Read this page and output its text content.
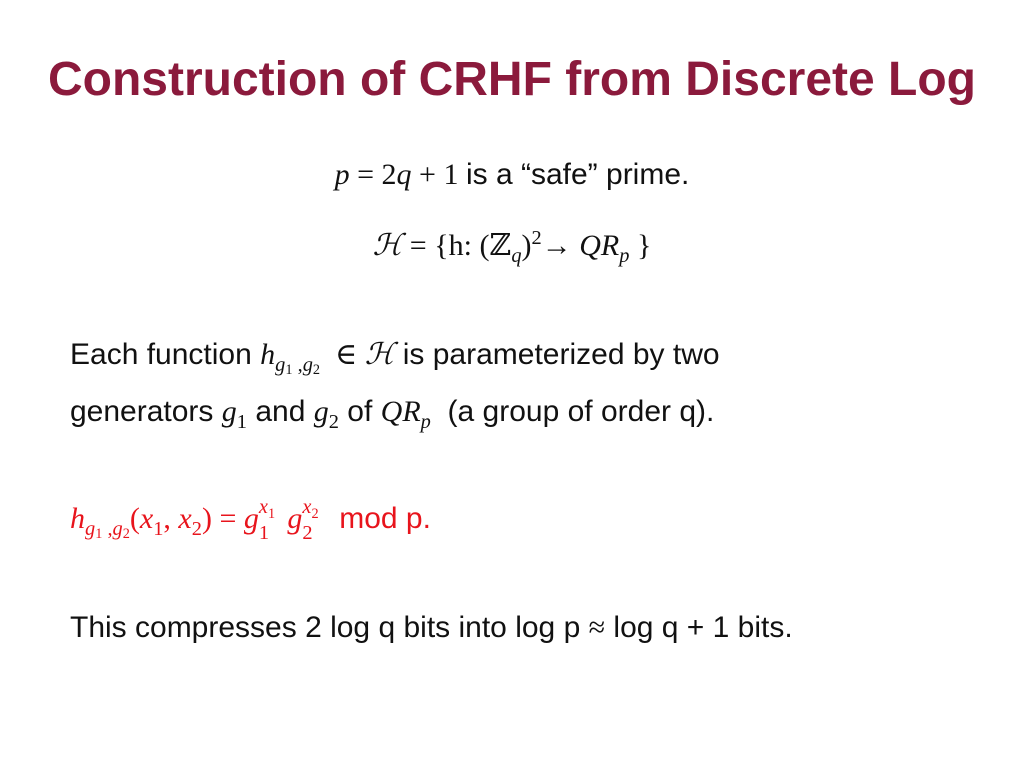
Construction of CRHF from Discrete Log
p = 2q + 1 is a “safe” prime.
ℋ = {h: (ℤ$_q$)$^2$→ $QR_p$ }
Each function $h_{g1 ,g2}$  ∈ ℋ is parameterized by two
generators $g_1$ and $g_2$ of $QR_p$ (a group of order q).
$h_{g1 ,g2}(x_1$, $x_2) = g$ $x_1$
1 g $x_2$
2 mod p.
This compresses 2 log q bits into log p ≈ log q + 1 bits.
